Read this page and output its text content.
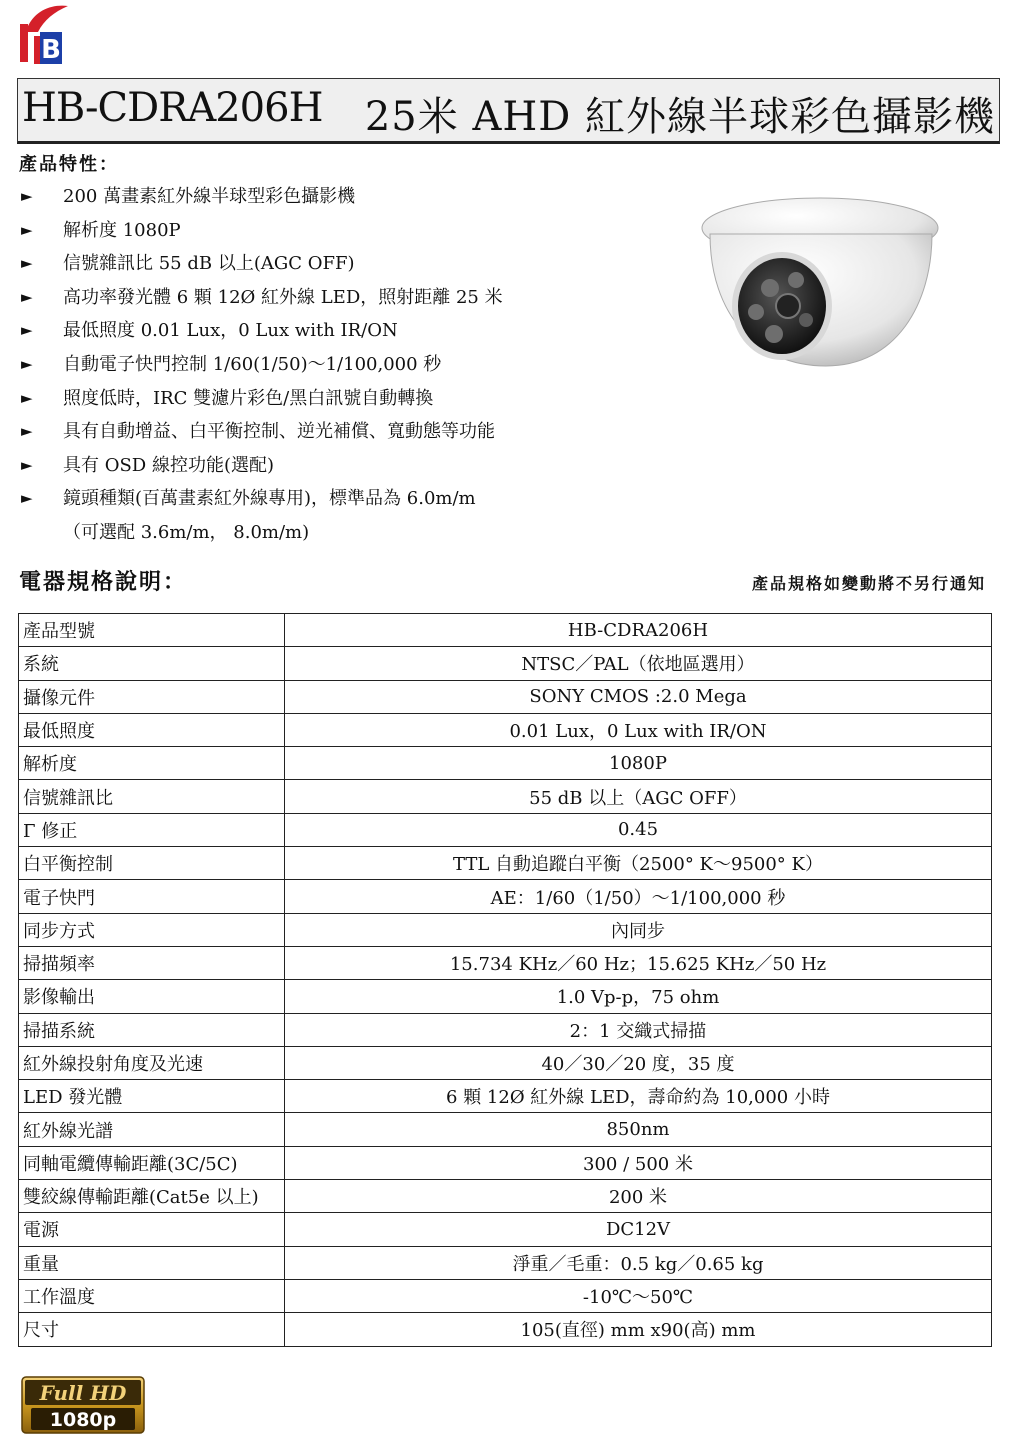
B
HB-CDRA206H 25米 AHD 紅外線半球彩色攝影機
產品特性：
► 200 萬畫素紅外線半球型彩色攝影機
► 解析度 1080P
► 信號雜訊比 55 dB 以上(AGC OFF)
► 高功率發光體 6 顆 12Ø 紅外線 LED，照射距離 25 米
► 最低照度 0.01 Lux，0 Lux with IR/ON
► 自動電子快門控制 1/60(1/50)～1/100,000 秒
► 照度低時，IRC 雙濾片彩色/黑白訊號自動轉換
► 具有自動增益、白平衡控制、逆光補償、寬動態等功能
► 具有 OSD 線控功能(選配)
► 鏡頭種類(百萬畫素紅外線專用)，標準品為 6.0m/m
（可選配 3.6m/m， 8.0m/m)
電器規格說明：	產品規格如變動將不另行通知
產品型號	HB-CDRA206H
系統	NTSC／PAL（依地區選用）
攝像元件	SONY CMOS :2.0 Mega
最低照度	0.01 Lux，0 Lux with IR/ON
解析度	1080P
信號雜訊比	55 dB 以上（AGC OFF）
Γ 修正	0.45
白平衡控制	TTL 自動追蹤白平衡（2500° K～9500° K）
電子快門	AE：1/60（1/50）～1/100,000 秒
同步方式	內同步
掃描頻率	15.734 KHz／60 Hz；15.625 KHz／50 Hz
影像輸出	1.0 Vp-p，75 ohm
掃描系統	2：1 交織式掃描
紅外線投射角度及光速	40／30／20 度，35 度
LED 發光體	6 顆 12Ø 紅外線 LED，壽命約為 10,000 小時
紅外線光譜	850nm
同軸電纜傳輸距離(3C/5C)	300 / 500 米
雙絞線傳輸距離(Cat5e 以上)	200 米
電源	DC12V
重量	淨重／毛重：0.5 kg／0.65 kg
工作溫度	-10℃～50℃
尺寸	105(直徑) mm x90(高) mm
Full HD
1080p
